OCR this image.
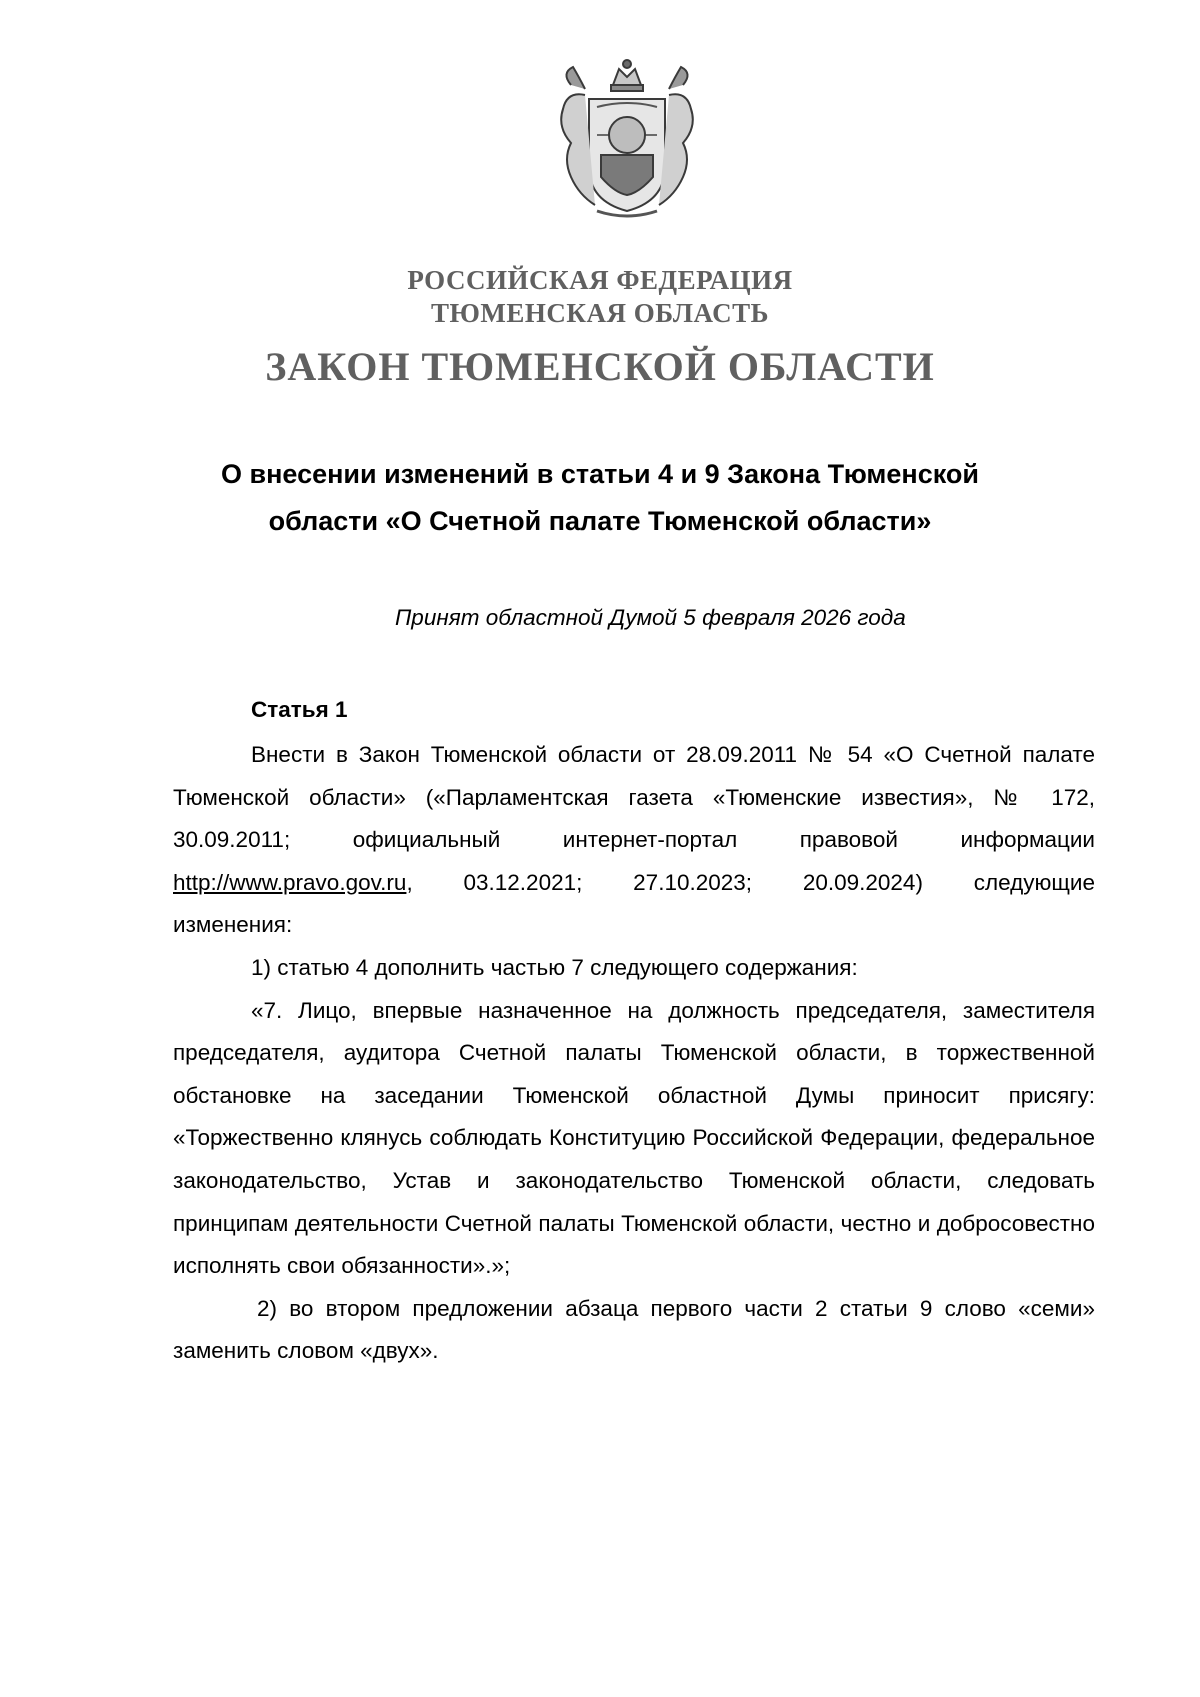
РОССИЙСКАЯ ФЕДЕРАЦИЯ
ТЮМЕНСКАЯ ОБЛАСТЬ
ЗАКОН ТЮМЕНСКОЙ ОБЛАСТИ
О внесении изменений в статьи 4 и 9 Закона Тюменской
области «О Счетной палате Тюменской области»
Принят областной Думой 5 февраля 2026 года
Статья 1

Внести в Закон Тюменской области от 28.09.2011 № 54 «О Счетной палате Тюменской области» («Парламентская газета «Тюменские известия», № 172, 30.09.2011; официальный интернет-портал правовой информации http://www.pravo.gov.ru, 03.12.2021; 27.10.2023; 20.09.2024) следующие

изменения:

1) статью 4 дополнить частью 7 следующего содержания:

«7. Лицо, впервые назначенное на должность председателя, заместителя председателя, аудитора Счетной палаты Тюменской области, в торжественной обстановке на заседании Тюменской областной Думы приносит присягу: «Торжественно клянусь соблюдать Конституцию Российской Федерации, федеральное законодательство, Устав и законодательство Тюменской области, следовать принципам деятельности Счетной палаты Тюменской области, честно и добросовестно исполнять свои обязанности».»;

2) во втором предложении абзаца первого части 2 статьи 9 слово «семи» заменить словом «двух».
